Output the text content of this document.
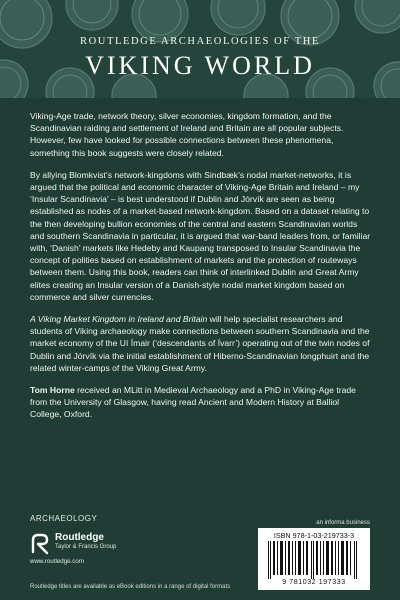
ROUTLEDGE ARCHAEOLOGIES OF THE
VIKING WORLD

Viking-Age trade, network theory, silver economies, kingdom formation, and the Scandinavian raiding and settlement of Ireland and Britain are all popular subjects. However, few have looked for possible connections between these phenomena, something this book suggests were closely related.

By allying Blomkvist’s network-kingdoms with Sindbæk’s nodal market-networks, it is argued that the political and economic character of Viking-Age Britain and Ireland – my ‘Insular Scandinavia’ – is best understood if Dublin and Jórvík are seen as being established as nodes of a market-based network-kingdom. Based on a dataset relating to the then developing bullion economies of the central and eastern Scandinavian worlds and southern Scandinavia in particular, it is argued that war-band leaders from, or familiar with, ‘Danish’ markets like Hedeby and Kaupang transposed to Insular Scandinavia the concept of polities based on establishment of markets and the protection of routeways between them. Using this book, readers can think of interlinked Dublin and Great Army elites creating an Insular version of a Danish-style nodal market kingdom based on commerce and silver currencies.

A Viking Market Kingdom in Ireland and Britain will help specialist researchers and students of Viking archaeology make connections between southern Scandinavia and the market economy of the Uí Ímair (‘descendants of Ívarr’) operating out of the twin nodes of Dublin and Jórvík via the initial establishment of Hiberno-Scandinavian longphuirt and the related winter-camps of the Viking Great Army.

Tom Horne received an MLitt in Medieval Archaeology and a PhD in Viking-Age trade from the University of Glasgow, having read Ancient and Modern History at Balliol College, Oxford.

ARCHAEOLOGY
Routledge
Taylor & Francis Group
www.routledge.com
an informa business
ISBN 978-1-03-219733-3
9 781032 197333
Routledge titles are available as eBook editions in a range of digital formats
